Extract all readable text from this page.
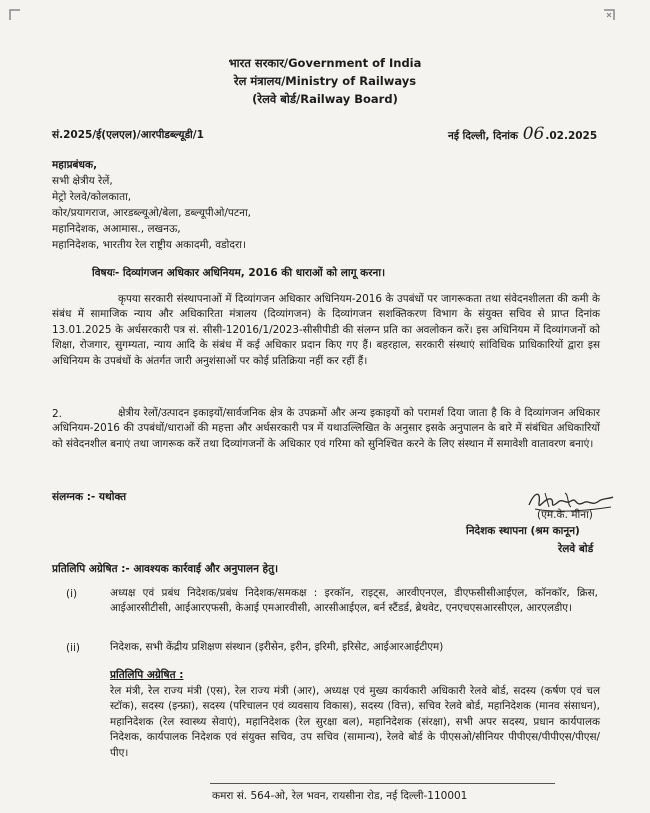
भारत सरकार/Government of India
रेल मंत्रालय/Ministry of Railways
(रेलवे बोर्ड/Railway Board)
सं.2025/ई(एलएल)/आरपीडब्ल्यूडी/1	नई दिल्ली, दिनांक 06.02.2025
महाप्रबंधक,
सभी क्षेत्रीय रेलें,
मेट्रो रेलवे/कोलकाता,
कोर/प्रयागराज, आरडब्ल्यूओ/बेला, डब्ल्यूपीओ/पटना,
महानिदेशक, अआमास., लखनऊ,
महानिदेशक, भारतीय रेल राष्ट्रीय अकादमी, वडोदरा।
विषयः- दिव्यांगजन अधिकार अधिनियम, 2016 की धाराओं को लागू करना।

कृपया सरकारी संस्थापनाओं में दिव्यांगजन अधिकार अधिनियम-2016 के उपबंधों पर जागरूकता तथा संवेदनशीलता की कमी के संबंध में सामाजिक न्याय और अधिकारिता मंत्रालय (दिव्यांगजन) के दिव्यांगजन सशक्तिकरण विभाग के संयुक्त सचिव से प्राप्त दिनांक 13.01.2025 के अर्धसरकारी पत्र सं. सीसी-12016/1/2023-सीसीपीडी की संलग्न प्रति का अवलोकन करें। इस अधिनियम में दिव्यांगजनों को शिक्षा, रोजगार, सुगम्यता, न्याय आदि के संबंध में कई अधिकार प्रदान किए गए हैं। बहरहाल, सरकारी संस्थाएं सांविधिक प्राधिकारियों द्वारा इस अधिनियम के उपबंधों के अंतर्गत जारी अनुशंसाओं पर कोई प्रतिक्रिया नहीं कर रहीं हैं।

2.	क्षेत्रीय रेलों/उत्पादन इकाइयों/सार्वजनिक क्षेत्र के उपक्रमों और अन्य इकाइयों को परामर्श दिया जाता है कि वे दिव्यांगजन अधिकार अधिनियम-2016 की उपबंधों/धाराओं की महत्ता और अर्धसरकारी पत्र में यथाउल्लिखित के अनुसार इसके अनुपालन के बारे में संबंधित अधिकारियों को संवेदनशील बनाएं तथा जागरूक करें तथा दिव्यांगजनों के अधिकार एवं गरिमा को सुनिश्चित करने के लिए संस्थान में समावेशी वातावरण बनाएं।

संलग्नक :- यथोक्त
(एम.के. मीना)
निदेशक स्थापना (श्रम कानून)
रेलवे बोर्ड
प्रतिलिपि अग्रेषित :- आवश्यक कार्रवाई और अनुपालन हेतु।
(i)	अध्यक्ष एवं प्रबंध निदेशक/प्रबंध निदेशक/समकक्ष : इरकॉन, राइट्स, आरवीएनएल, डीएफसीसीआईएल, कॉनकॉर, क्रिस, आईआरसीटीसी, आईआरएफसी, केआई एमआरवीसी, आरसीआईएल, बर्न स्टैंडर्ड, ब्रेथवेट, एनएचएसआरसीएल, आरएलडीए।

(ii)	निदेशक, सभी केंद्रीय प्रशिक्षण संस्थान (इरीसेन, इरीन, इरिमी, इरिसेट, आईआरआईटीएम)

प्रतिलिपि अग्रेषित :

रेल मंत्री, रेल राज्य मंत्री (एस), रेल राज्य मंत्री (आर), अध्यक्ष एवं मुख्य कार्यकारी अधिकारी रेलवे बोर्ड, सदस्य (कर्षण एवं चल स्टॉक), सदस्य (इन्फ्रा), सदस्य (परिचालन एवं व्यवसाय विकास), सदस्य (वित्त), सचिव रेलवे बोर्ड, महानिदेशक (मानव संसाधन), महानिदेशक (रेल स्वास्थ्य सेवाएं), महानिदेशक (रेल सुरक्षा बल), महानिदेशक (संरक्षा), सभी अपर सदस्य, प्रधान कार्यपालक निदेशक, कार्यपालक निदेशक एवं संयुक्त सचिव, उप सचिव (सामान्य), रेलवे बोर्ड के पीएसओ/सीनियर पीपीएस/पीपीएस/पीएस/पीए।

कमरा सं. 564-ओ, रेल भवन, रायसीना रोड, नई दिल्ली-110001
